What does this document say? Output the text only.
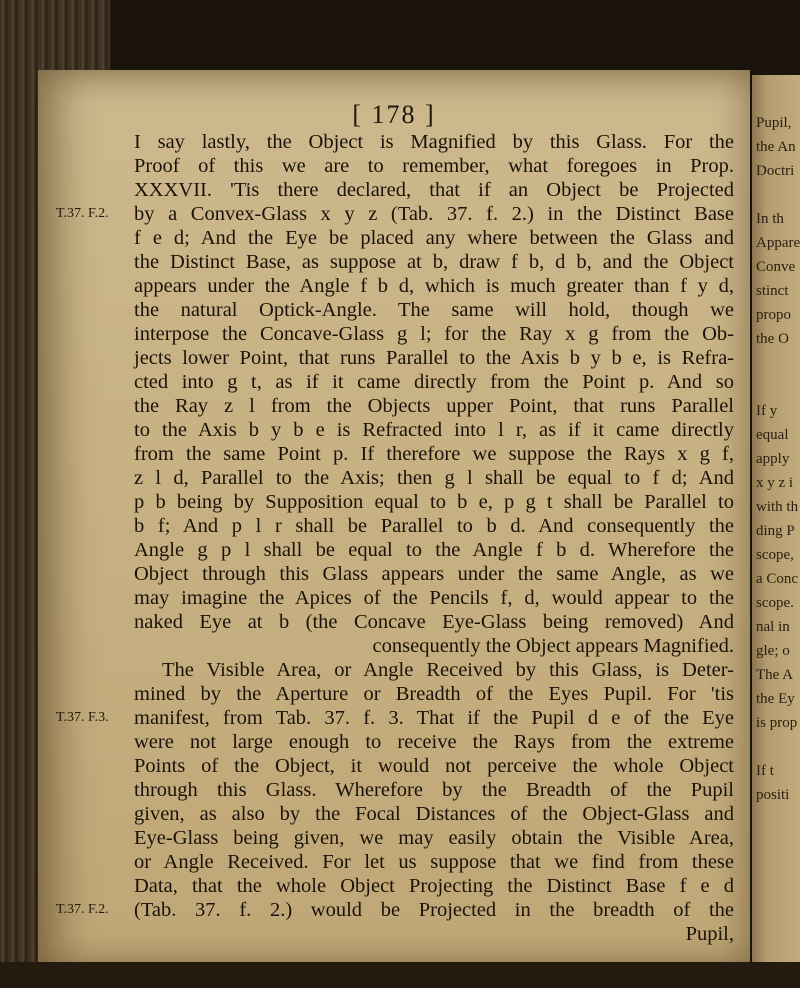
[ 178 ]
I say lastly, the Object is Magnified by this Glass. For the
Proof of this we are to remember, what foregoes in Prop.
XXXVII. 'Tis there declared, that if an Object be Projected
by a Convex-Glass x y z (Tab. 37. f. 2.) in the Distinct Base
f e d; And the Eye be placed any where between the Glass and
the Distinct Base, as suppose at b, draw f b, d b, and the Object
appears under the Angle f b d, which is much greater than f y d,
the natural Optick-Angle. The same will hold, though we
interpose the Concave-Glass g l; for the Ray x g from the Ob-
jects lower Point, that runs Parallel to the Axis b y b e, is Refra-
cted into g t, as if it came directly from the Point p. And so
the Ray z l from the Objects upper Point, that runs Parallel
to the Axis b y b e is Refracted into l r, as if it came directly
from the same Point p. If therefore we suppose the Rays x g f,
z l d, Parallel to the Axis; then g l shall be equal to f d; And
p b being by Supposition equal to b e, p g t shall be Parallel to
b f; And p l r shall be Parallel to b d. And consequently the
Angle g p l shall be equal to the Angle f b d. Wherefore the
Object through this Glass appears under the same Angle, as we
may imagine the Apices of the Pencils f, d, would appear to the
naked Eye at b (the Concave Eye-Glass being removed) And
consequently the Object appears Magnified.
The Visible Area, or Angle Received by this Glass, is Deter-
mined by the Aperture or Breadth of the Eyes Pupil. For 'tis
manifest, from Tab. 37. f. 3. That if the Pupil d e of the Eye
were not large enough to receive the Rays from the extreme
Points of the Object, it would not perceive the whole Object
through this Glass. Wherefore by the Breadth of the Pupil
given, as also by the Focal Distances of the Object-Glass and
Eye-Glass being given, we may easily obtain the Visible Area,
or Angle Received. For let us suppose that we find from these
Data, that the whole Object Projecting the Distinct Base f e d
(Tab. 37. f. 2.) would be Projected in the breadth of the
Pupil,
T.37. F.2.
T.37. F.3.
T.37. F.2.
Pupil,
the An
Doctri
In th
Appare
Conve
stinct
propo
the O
If y
equal
apply
x y z i
with th
ding P
scope,
a Conc
scope.
nal in
gle; o
The A
the Ey
is prop
If t
positi
